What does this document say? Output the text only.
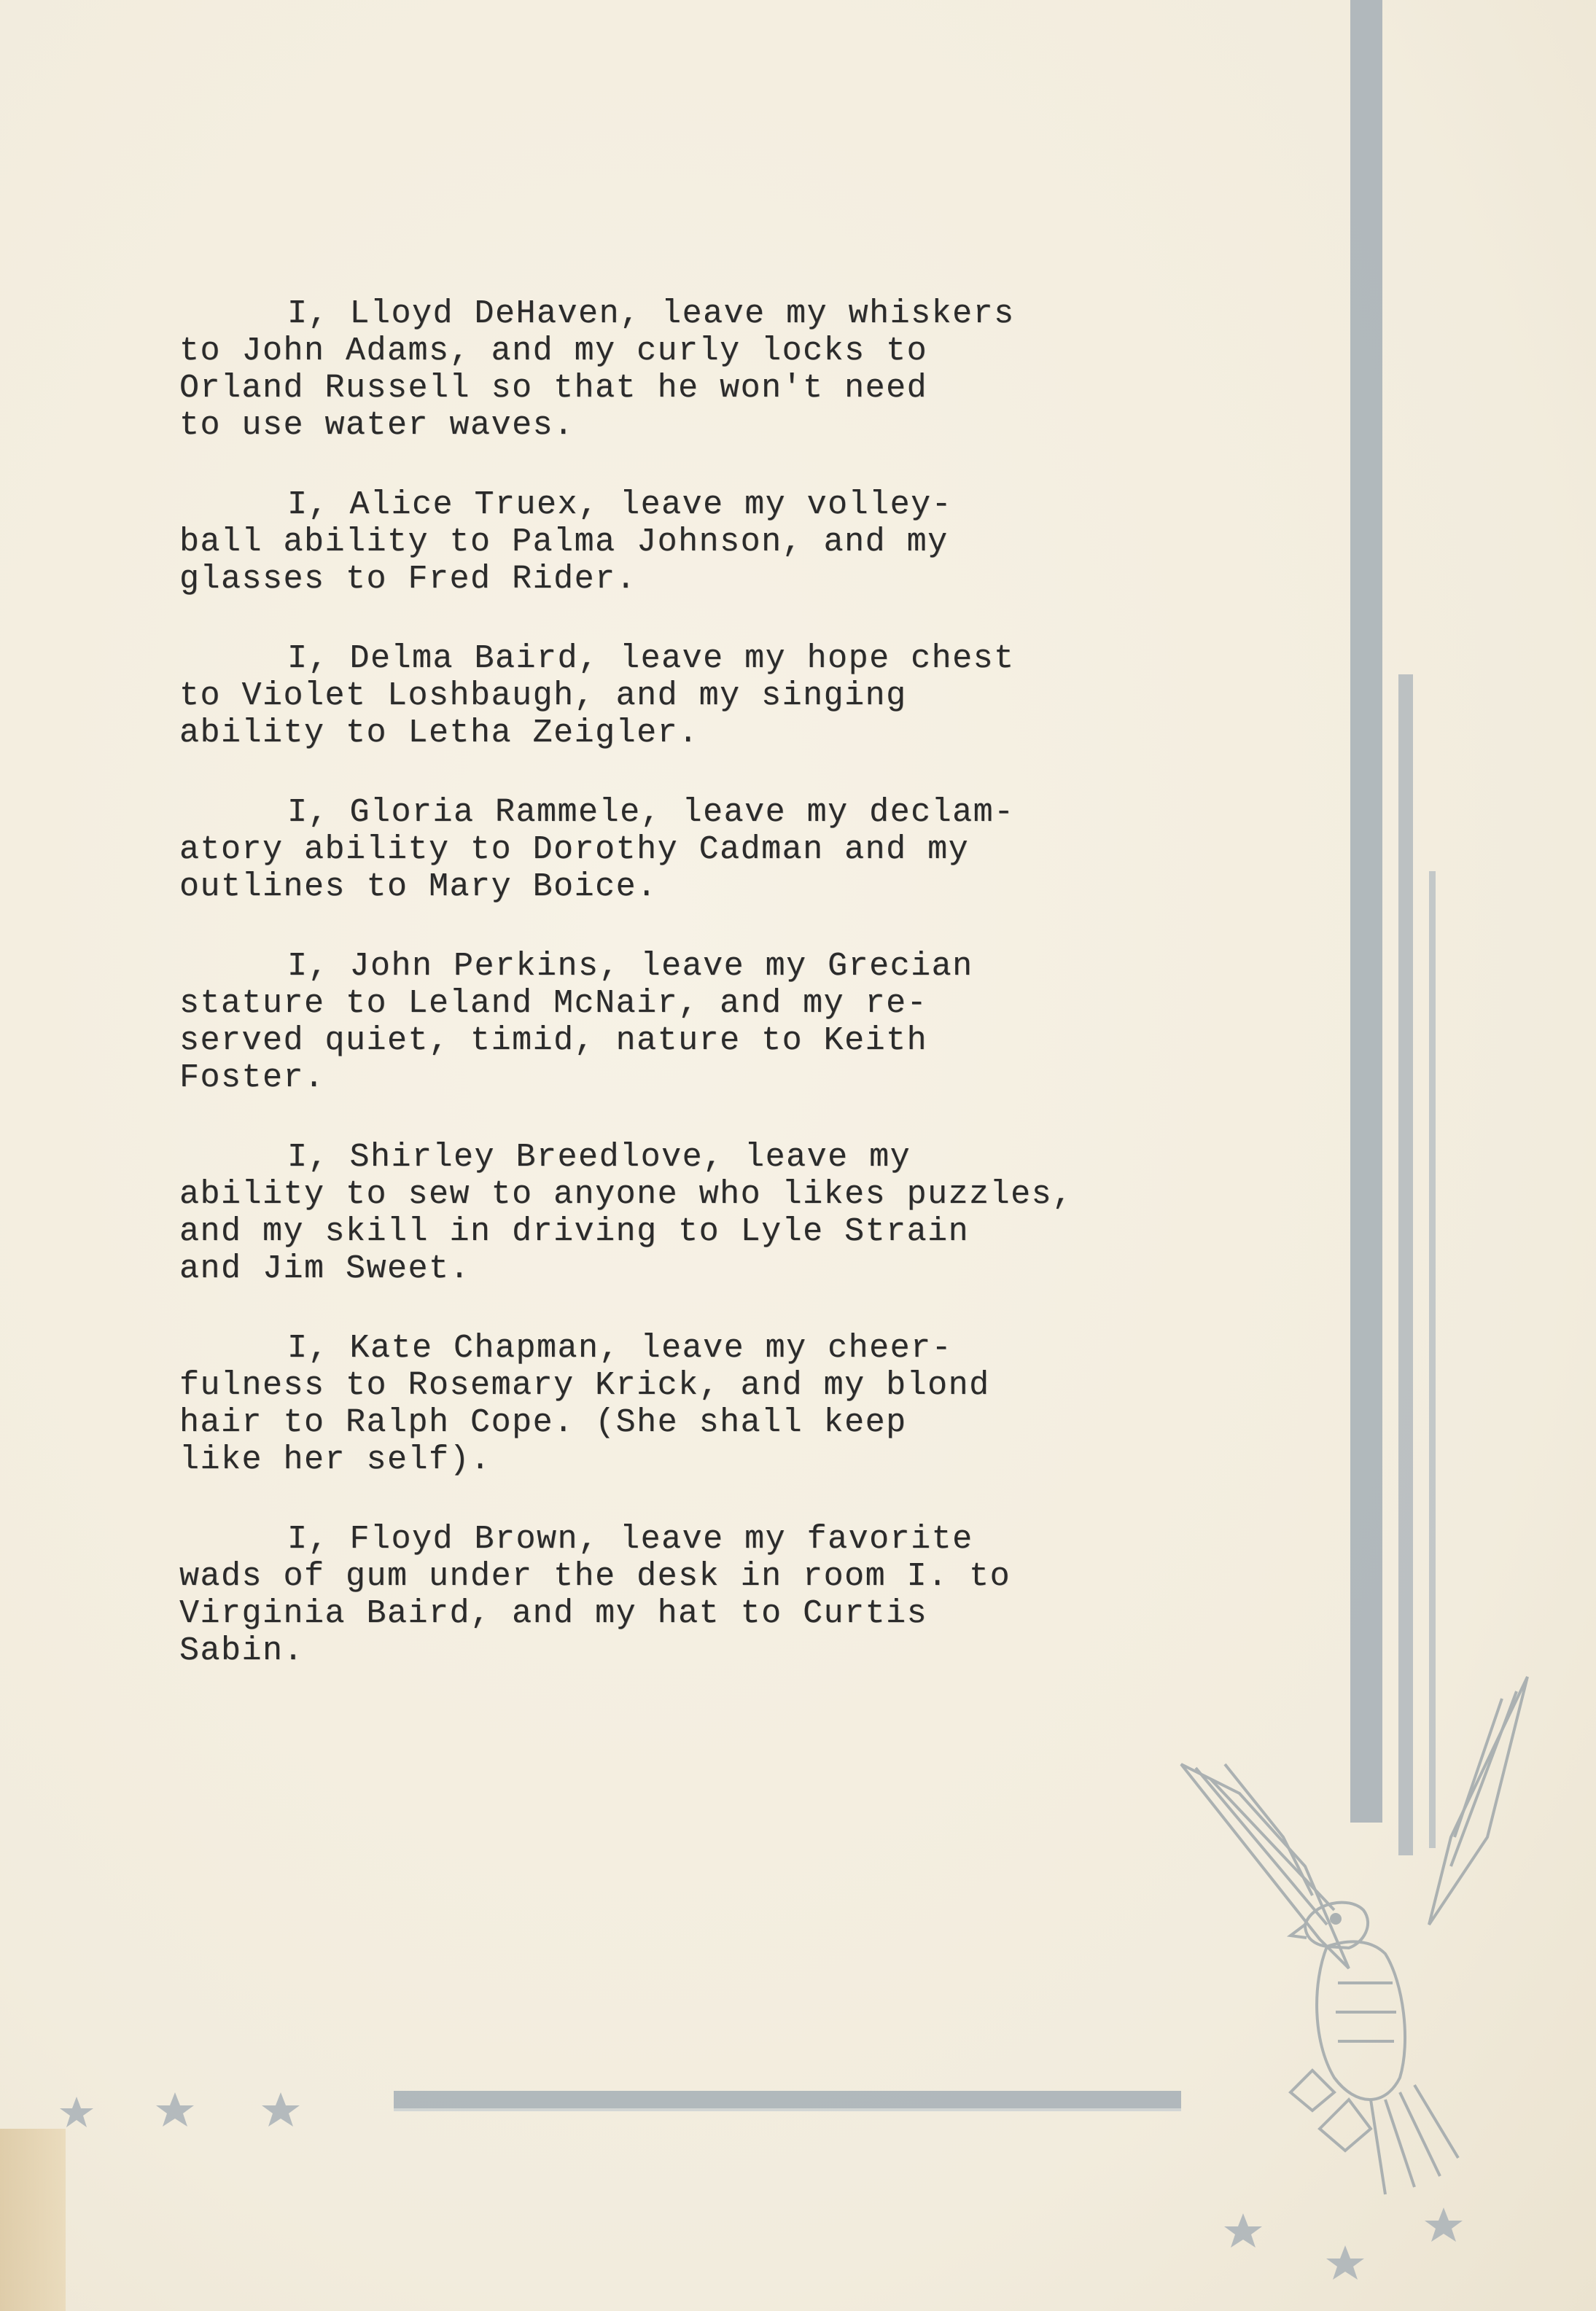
I, Lloyd DeHaven, leave my whiskers
to John Adams, and my curly locks to
Orland Russell so that he won't need
to use water waves.
I, Alice Truex, leave my volley-
ball ability to Palma Johnson, and my
glasses to Fred Rider.
I, Delma Baird, leave my hope chest
to Violet Loshbaugh, and my singing
ability to Letha Zeigler.
I, Gloria Rammele, leave my declam-
atory ability to Dorothy Cadman and my
outlines to Mary Boice.
I, John Perkins, leave my Grecian
stature to Leland McNair, and my re-
served quiet, timid, nature to Keith
Foster.
I, Shirley Breedlove, leave my
ability to sew to anyone who likes puzzles,
and my skill in driving to Lyle Strain
and Jim Sweet.
I, Kate Chapman, leave my cheer-
fulness to Rosemary Krick, and my blond
hair to Ralph Cope. (She shall keep
like her self).
I, Floyd Brown, leave my favorite
wads of gum under the desk in room I. to
Virginia Baird, and my hat to Curtis
Sabin.
